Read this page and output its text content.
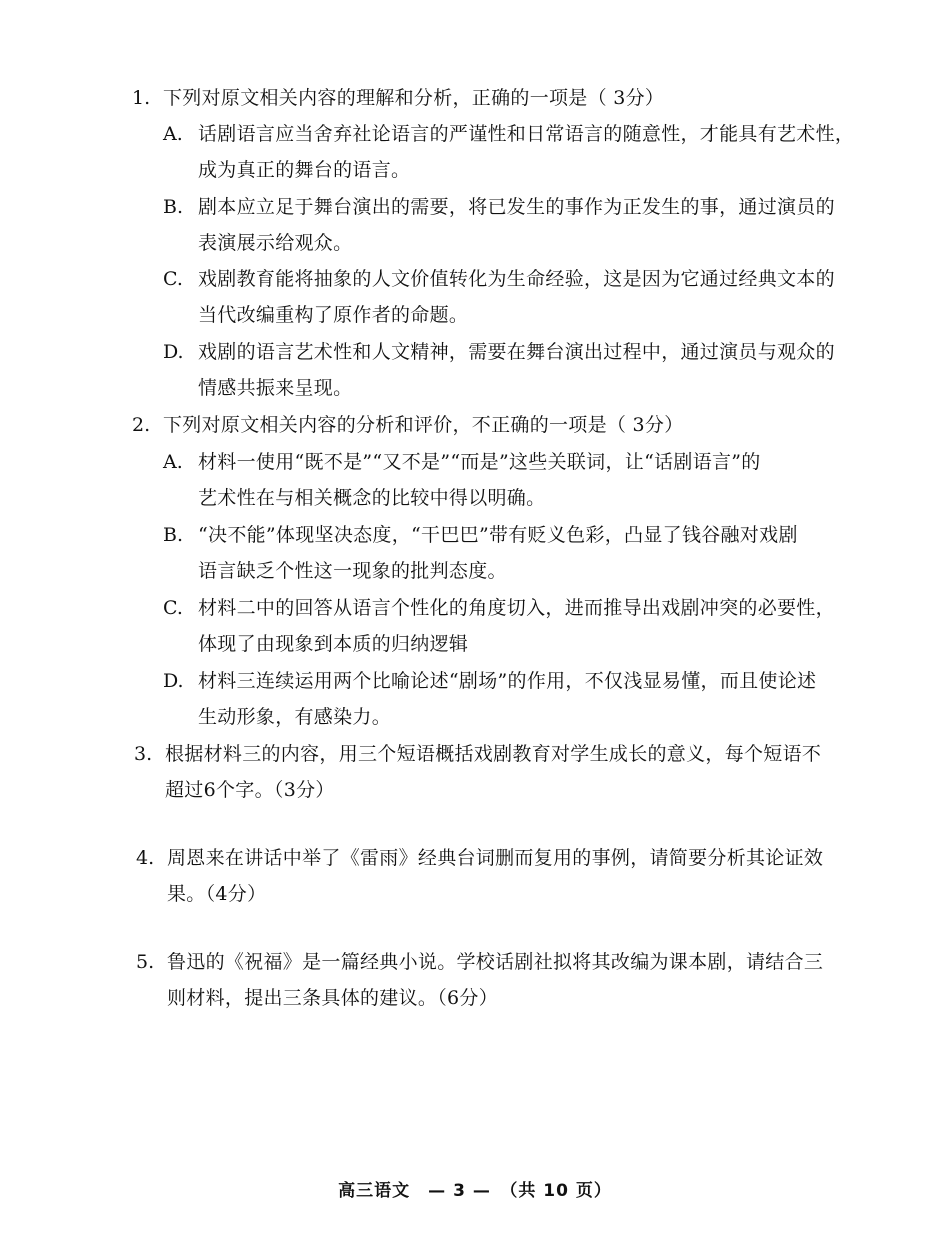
1. 下列对原文相关内容的理解和分析，正确的一项是（ 3分）
A. 话剧语言应当舍弃社论语言的严谨性和日常语言的随意性，才能具有艺术性，
成为真正的舞台的语言。
B. 剧本应立足于舞台演出的需要，将已发生的事作为正发生的事，通过演员的
表演展示给观众。
C. 戏剧教育能将抽象的人文价值转化为生命经验，这是因为它通过经典文本的
当代改编重构了原作者的命题。
D. 戏剧的语言艺术性和人文精神，需要在舞台演出过程中，通过演员与观众的
情感共振来呈现。
2. 下列对原文相关内容的分析和评价，不正确的一项是（ 3分）
A. 材料一使用“既不是”“又不是”“而是”这些关联词，让“话剧语言”的
艺术性在与相关概念的比较中得以明确。
B. “决不能”体现坚决态度，“干巴巴”带有贬义色彩，凸显了钱谷融对戏剧
语言缺乏个性这一现象的批判态度。
C. 材料二中的回答从语言个性化的角度切入，进而推导出戏剧冲突的必要性，
体现了由现象到本质的归纳逻辑
D. 材料三连续运用两个比喻论述“剧场”的作用，不仅浅显易懂，而且使论述
生动形象，有感染力。
3. 根据材料三的内容，用三个短语概括戏剧教育对学生成长的意义，每个短语不
超过6个字。（3分）
4. 周恩来在讲话中举了《雷雨》经典台词删而复用的事例，请简要分析其论证效
果。（4分）
5. 鲁迅的《祝福》是一篇经典小说。学校话剧社拟将其改编为课本剧，请结合三
则材料，提出三条具体的建议。（6分）
高三语文　— 3 —　（共 10 页）
